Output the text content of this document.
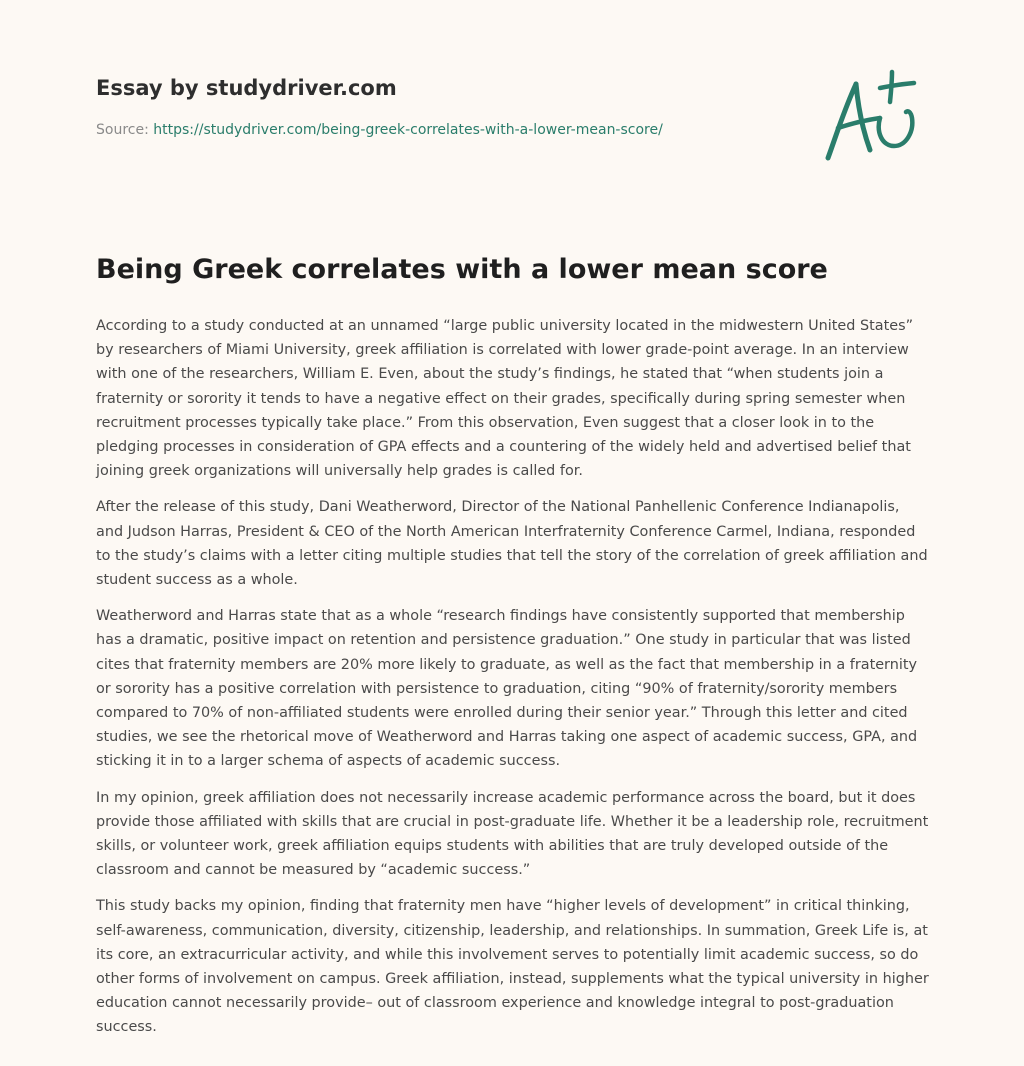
Essay by studydriver.com
Source: https://studydriver.com/being-greek-correlates-with-a-lower-mean-score/
Being Greek correlates with a lower mean score

According to a study conducted at an unnamed “large public university located in the midwestern United States” by researchers of Miami University, greek affiliation is correlated with lower grade-point average. In an interview with one of the researchers, William E. Even, about the study’s findings, he stated that “when students join a fraternity or sorority it tends to have a negative effect on their grades, specifically during spring semester when recruitment processes typically take place.” From this observation, Even suggest that a closer look in to the pledging processes in consideration of GPA effects and a countering of the widely held and advertised belief that joining greek organizations will universally help grades is called for.

After the release of this study, Dani Weatherword, Director of the National Panhellenic Conference Indianapolis, and Judson Harras, President & CEO of the North American Interfraternity Conference Carmel, Indiana, responded to the study’s claims with a letter citing multiple studies that tell the story of the correlation of greek affiliation and student success as a whole.

Weatherword and Harras state that as a whole “research findings have consistently supported that membership has a dramatic, positive impact on retention and persistence graduation.” One study in particular that was listed cites that fraternity members are 20% more likely to graduate, as well as the fact that membership in a fraternity or sorority has a positive correlation with persistence to graduation, citing “90% of fraternity/sorority members compared to 70% of non-affiliated students were enrolled during their senior year.” Through this letter and cited studies, we see the rhetorical move of Weatherword and Harras taking one aspect of academic success, GPA, and sticking it in to a larger schema of aspects of academic success.

In my opinion, greek affiliation does not necessarily increase academic performance across the board, but it does provide those affiliated with skills that are crucial in post-graduate life. Whether it be a leadership role, recruitment skills, or volunteer work, greek affiliation equips students with abilities that are truly developed outside of the classroom and cannot be measured by “academic success.”

This study backs my opinion, finding that fraternity men have “higher levels of development” in critical thinking, self-awareness, communication, diversity, citizenship, leadership, and relationships. In summation, Greek Life is, at its core, an extracurricular activity, and while this involvement serves to potentially limit academic success, so do other forms of involvement on campus. Greek affiliation, instead, supplements what the typical university in higher education cannot necessarily provide– out of classroom experience and knowledge integral to post-graduation success.
